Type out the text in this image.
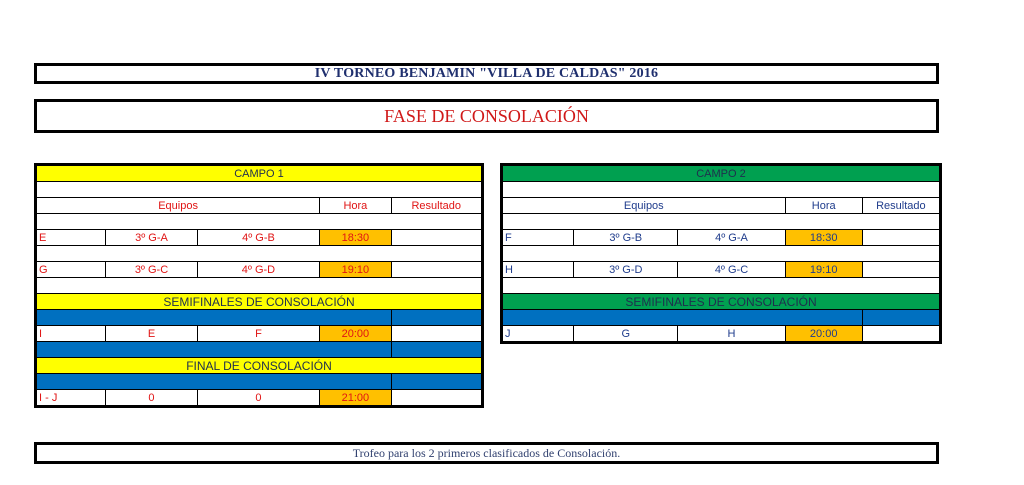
IV TORNEO BENJAMIN "VILLA DE CALDAS" 2016
FASE DE CONSOLACIÓN
CAMPO 1				

Equipos			Hora	Resultado

E	3º G-A	4º G-B	18:30	

G	3º G-C	4º G-D	19:10	

SEMIFINALES DE CONSOLACIÓN				

I	E	F	20:00	

FINAL DE CONSOLACIÓN				

I - J	0	0	21:00	
CAMPO 2				

Equipos			Hora	Resultado

F	3º G-B	4º G-A	18:30	

H	3º G-D	4º G-C	19:10	

SEMIFINALES DE CONSOLACIÓN				

J	G	H	20:00	
Trofeo para los 2 primeros clasificados de Consolación.
